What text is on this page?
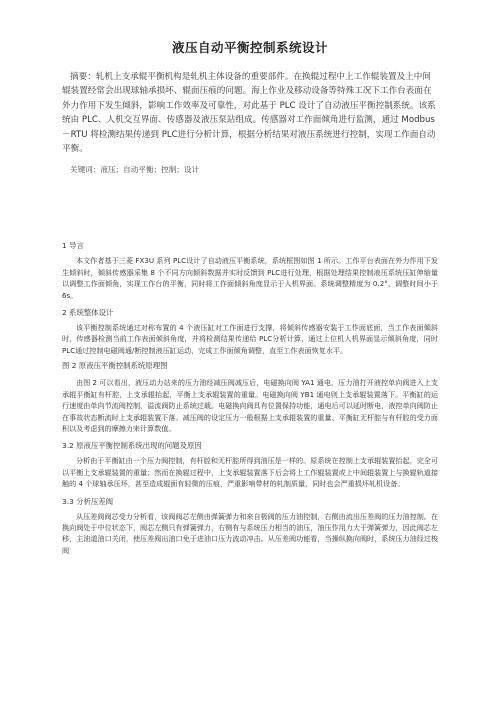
液压自动平衡控制系统设计

摘要：轧机上支承辊平衡机构是轧机主体设备的重要部件。在换辊过程中上工作辊装置及上中间辊装置经常会出现球轴承损坏、辊面压痕的问题。海上作业及移动设备等特殊工况下工作台表面在外力作用下发生倾斜，影响工作效率及可靠性，对此基于 PLC 设计了自动液压平衡控制系统。该系统由 PLC、人机交互界面、传感器及液压泵站组成。传感器对工作面倾角进行监测，通过 Modbus－RTU 将检测结果传递到 PLC进行分析计算，根据分析结果对液压系统进行控制，实现工作面自动平衡。

关键词：液压；自动平衡；控制；设计

1 导言

本文作者基于三菱 FX3U 系列 PLC设计了自动液压平衡系统，系统框图如图 1 所示。工作平台表面在外力作用下发生倾斜时，倾斜传感器采集 8 个不同方向倾斜数据并实时反馈到 PLC进行处理，根据处理结果控制液压系统压缸伸缩量以调整工作面倾角，实现工作台的平衡，同时将工作面倾斜角度显示于人机界面。系统调整精度为 0.2°，调整时间小于 6s。

2 系统整体设计

该平衡控制系统通过对称布置的 4 个液压缸对工作面进行支撑，将倾斜传感器安装于工作面底面，当工作表面倾斜时，传感器检测当前工作表面倾斜角度，并将检测结果传递给 PLC分析计算，通过上位机人机界面显示倾斜角度，同时 PLC通过控制电磁阀通/断控制液压缸运动，完成工作面倾角调整，直至工作表面恢复水平。

图 2 原液压平衡控制系统原理图

由图 2 可以看出，液压动力站来的压力油经减压阀减压后，电磁换向阀 YA1 通电，压力油打开液控单向阀进入上支承辊平衡缸有杆腔，上支承辊抬起，平衡上支承辊装置的重量。电磁换向阀 YB1 通电则上支承辊装置落下。平衡缸的运行速度由单向节流阀控制，溢流阀防止系统过载。电磁换向阀具有位置保持功能，通电后可以延时断电，液控单向阀防止在事故状态断流时上支承辊装置下落。减压阀的设定压力一般根据上支承辊装置的重量、平衡缸无杆腔与有杆腔的受力面积以及考虑到的摩擦力来计算数值。

3.2 原液压平衡控制系统出现的问题及原因

分析由于平衡缸由一个压力阀控制，有杆腔和无杆腔所得到油压是一样的。原系统在控制上支承辊装置抬起，完全可以平衡上支承辊装置的重量；然而在换辊过程中，上支承辊装置落下后会将上工作辊装置或上中间辊装置上与换辊轨道接触的 4 个球轴承压坏，甚至造成辊面有轻微的压痕，严重影响带材的轧制质量，同时也会严重损坏轧机设备。

3.3 分析压差阀

从压差阀阀芯受力分析看，该阀阀芯左侧由弹簧弹力和来自极阀的压力油控制，右侧由流出压差阀的压力油控制。在换向阀处于中位状态下，阀芯左侧只有弹簧弹力，右侧有与系统压力相当的油压，油压作用力大于弹簧弹力，因此阀芯左移，主油道油口关闭，使压差阀出油口免于进油口压力波动冲击。从压差阀功能看，当操纵换向阀时，系统压力油经过梭阀
